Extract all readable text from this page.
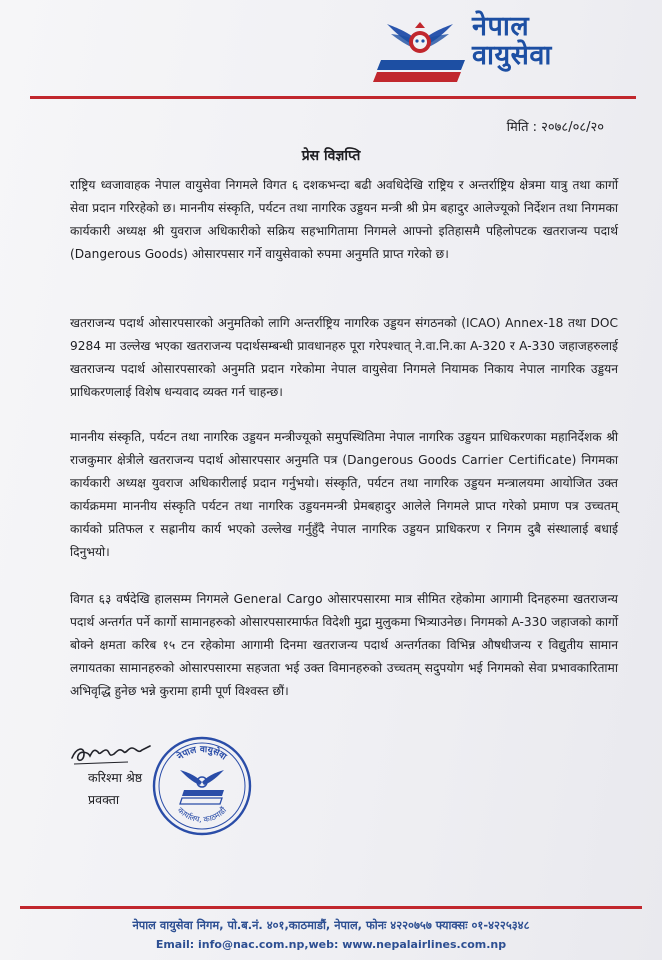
नेपाल
वायुसेवा
मिति : २०७८/०८/२०
प्रेस विज्ञप्ति
राष्ट्रिय ध्वजावाहक नेपाल वायुसेवा निगमले विगत ६ दशकभन्दा बढी अवधिदेखि राष्ट्रिय र अन्तर्राष्ट्रिय क्षेत्रमा यात्रु तथा कार्गो सेवा प्रदान गरिरहेको छ। माननीय संस्कृति, पर्यटन तथा नागरिक उड्डयन मन्त्री श्री प्रेम बहादुर आलेज्यूको निर्देशन तथा निगमका कार्यकारी अध्यक्ष श्री युवराज अधिकारीको सक्रिय सहभागितामा निगमले आफ्नो इतिहासमै पहिलोपटक खतराजन्य पदार्थ (Dangerous Goods) ओसारपसार गर्ने वायुसेवाको रुपमा अनुमति प्राप्त गरेको छ।
खतराजन्य पदार्थ ओसारपसारको अनुमतिको लागि अन्तर्राष्ट्रिय नागरिक उड्डयन संगठनको (ICAO) Annex-18 तथा DOC 9284 मा उल्लेख भएका खतराजन्य पदार्थसम्बन्धी प्रावधानहरु पूरा गरेपश्चात् ने.वा.नि.का A-320 र A-330 जहाजहरुलाई खतराजन्य पदार्थ ओसारपसारको अनुमति प्रदान गरेकोमा नेपाल वायुसेवा निगमले नियामक निकाय नेपाल नागरिक उड्डयन प्राधिकरणलाई विशेष धन्यवाद व्यक्त गर्न चाहन्छ।
माननीय संस्कृति, पर्यटन तथा नागरिक उड्डयन मन्त्रीज्यूको समुपस्थितिमा नेपाल नागरिक उड्डयन प्राधिकरणका महानिर्देशक श्री राजकुमार क्षेत्रीले खतराजन्य पदार्थ ओसारपसार अनुमति पत्र (Dangerous Goods Carrier Certificate) निगमका कार्यकारी अध्यक्ष युवराज अधिकारीलाई प्रदान गर्नुभयो। संस्कृति, पर्यटन तथा नागरिक उड्डयन मन्त्रालयमा आयोजित उक्त कार्यक्रममा माननीय संस्कृति पर्यटन तथा नागरिक उड्डयनमन्त्री प्रेमबहादुर आलेले निगमले प्राप्त गरेको प्रमाण पत्र उच्चतम् कार्यको प्रतिफल र सह्रानीय कार्य भएको उल्लेख गर्नुहुँदै नेपाल नागरिक उड्डयन प्राधिकरण र निगम दुबै संस्थालाई बधाई दिनुभयो।
विगत ६३ वर्षदेखि हालसम्म निगमले General Cargo ओसारपसारमा मात्र सीमित रहेकोमा आगामी दिनहरुमा खतराजन्य पदार्थ अन्तर्गत पर्ने कार्गो सामानहरुको ओसारपसारमार्फत विदेशी मुद्रा मुलुकमा भित्र्याउनेछ। निगमको A-330 जहाजको कार्गो बोक्ने क्षमता करिब १५ टन रहेकोमा आगामी दिनमा खतराजन्य पदार्थ अन्तर्गतका विभिन्न औषधीजन्य र विद्युतीय सामान लगायतका सामानहरुको ओसारपसारमा सहजता भई उक्त विमानहरुको उच्चतम् सदुपयोग भई निगमको सेवा प्रभावकारितामा अभिवृद्धि हुनेछ भन्ने कुरामा हामी पूर्ण विश्वस्त छौं।
करिश्मा श्रेष्ठ
प्रवक्ता
नेपाल वायुसेवा
कार्यालय, काठमाडौं
नेपाल वायुसेवा निगम, पो.ब.नं. ४०१,काठमाडौं, नेपाल, फोनः ४२२०७५७ फ्याक्सः ०१-४२२५३४८
Email: info@nac.com.np,web: www.nepalairlines.com.np
